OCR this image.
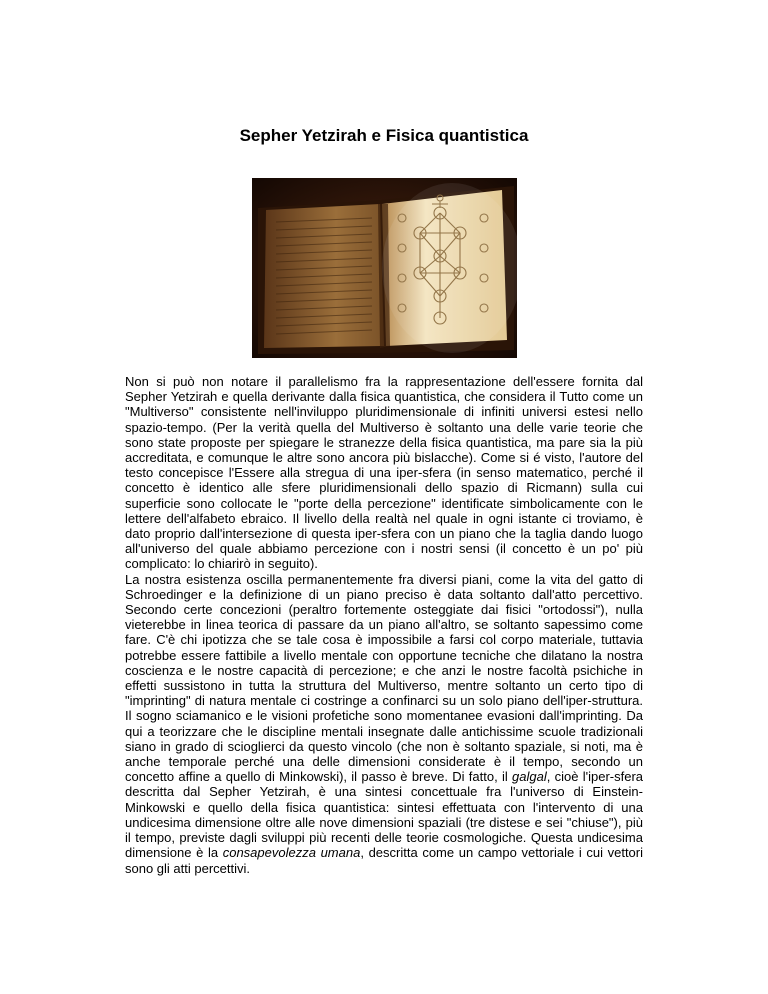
Sepher Yetzirah e Fisica quantistica

Non si può non notare il parallelismo fra la rappresentazione dell'essere fornita dal Sepher Yetzirah e quella derivante dalla fisica quantistica, che considera il Tutto come un "Multiverso" consistente nell'inviluppo pluridimensionale di infiniti universi estesi nello spazio-tempo. (Per la verità quella del Multiverso è soltanto una delle varie teorie che sono state proposte per spiegare le stranezze della fisica quantistica, ma pare sia la più accreditata, e comunque le altre sono ancora più bislacche). Come si é visto, l'autore del testo concepisce l'Essere alla stregua di una iper-sfera (in senso matematico, perché il concetto è identico alle sfere pluridimensionali dello spazio di Ricmann) sulla cui superficie sono collocate le "porte della percezione" identificate simbolicamente con le lettere dell'alfabeto ebraico. Il livello della realtà nel quale in ogni istante ci troviamo, è dato proprio dall'intersezione di questa iper-sfera con un piano che la taglia dando luogo all'universo del quale abbiamo percezione con i nostri sensi (il concetto è un po' più complicato: lo chiarirò in seguito).

La nostra esistenza oscilla permanentemente fra diversi piani, come la vita del gatto di Schroedinger e la definizione di un piano preciso è data soltanto dall'atto percettivo. Secondo certe concezioni (peraltro fortemente osteggiate dai fisici "ortodossi"), nulla vieterebbe in linea teorica di passare da un piano all'altro, se soltanto sapessimo come fare. C'è chi ipotizza che se tale cosa è impossibile a farsi col corpo materiale, tuttavia potrebbe essere fattibile a livello mentale con opportune tecniche che dilatano la nostra coscienza e le nostre capacità di percezione; e che anzi le nostre facoltà psichiche in effetti sussistono in tutta la struttura del Multiverso, mentre soltanto un certo tipo di "imprinting" di natura mentale ci costringe a confinarci su un solo piano dell'iper-struttura. Il sogno sciamanico e le visioni profetiche sono momentanee evasioni dall'imprinting. Da qui a teorizzare che le discipline mentali insegnate dalle antichissime scuole tradizionali siano in grado di scioglierci da questo vincolo (che non è soltanto spaziale, si noti, ma è anche temporale perché una delle dimensioni considerate è il tempo, secondo un concetto affine a quello di Minkowski), il passo è breve. Di fatto, il galgal, cioè l'iper-sfera descritta dal Sepher Yetzirah, è una sintesi concettuale fra l'universo di Einstein-Minkowski e quello della fisica quantistica: sintesi effettuata con l'intervento di una undicesima dimensione oltre alle nove dimensioni spaziali (tre distese e sei "chiuse"), più il tempo, previste dagli sviluppi più recenti delle teorie cosmologiche. Questa undicesima dimensione è la consapevolezza umana, descritta come un campo vettoriale i cui vettori sono gli atti percettivi.
